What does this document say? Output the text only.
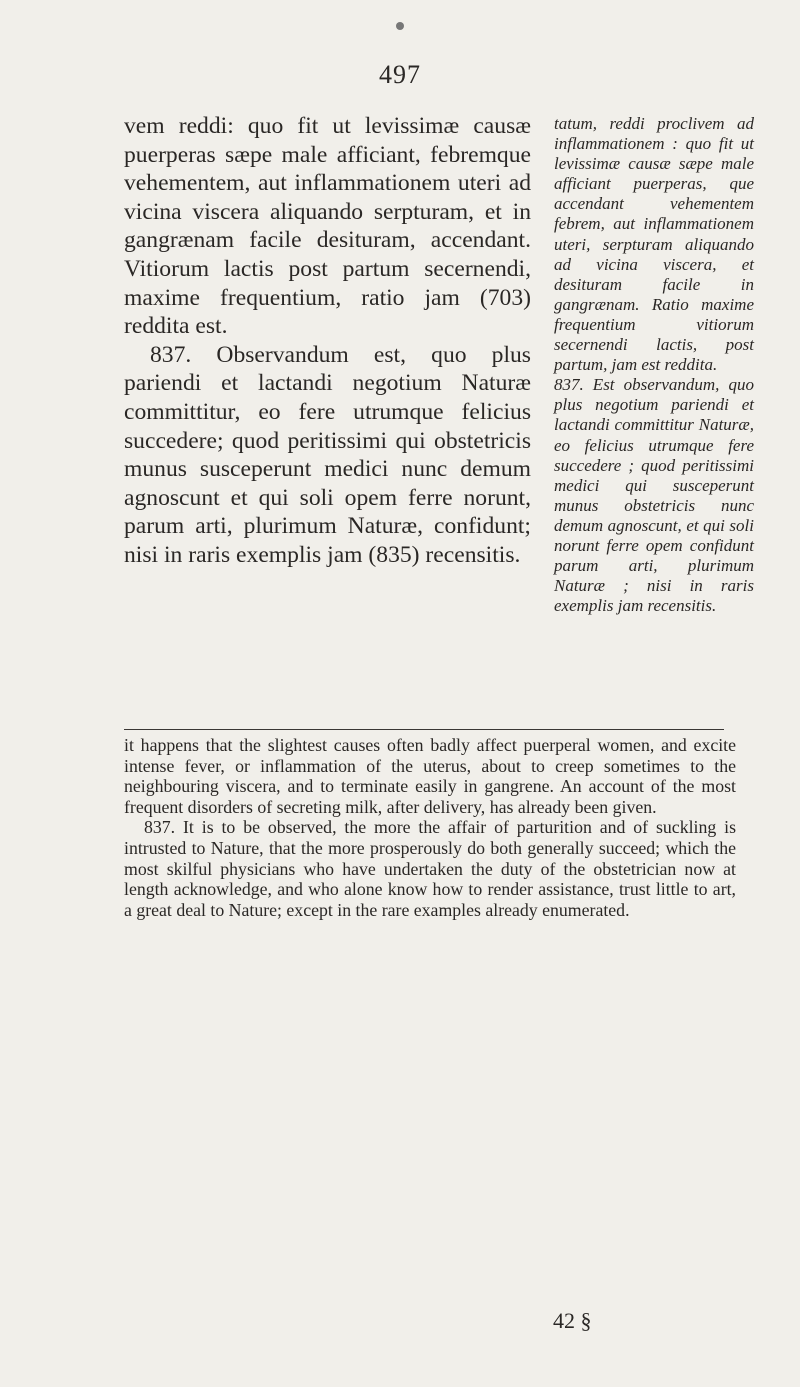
497

vem reddi: quo fit ut levissimæ causæ puerperas sæpe male afficiant, febremque vehementem, aut inflammationem uteri ad vicina viscera aliquando serpturam, et in gangrænam facile desituram, accendant. Vitiorum lactis post partum secernendi, maxime frequentium, ratio jam (703) reddita est.

837. Observandum est, quo plus pariendi et lactandi negotium Naturæ committitur, eo fere utrumque felicius succedere; quod peritissimi qui obstetricis munus susceperunt medici nunc demum agnoscunt et qui soli opem ferre norunt, parum arti, plurimum Naturæ, confidunt; nisi in raris exemplis jam (835) recensitis.

tatum, reddi proclivem ad inflammationem : quo fit ut levissimæ causæ sæpe male afficiant puerperas, que accendant vehementem febrem, aut inflammationem uteri, serpturam aliquando ad vicina viscera, et desituram facile in gangrænam. Ratio maxime frequentium vitiorum secernendi lactis, post partum, jam est reddita.

837. Est observandum, quo plus negotium pariendi et lactandi committitur Naturæ, eo felicius utrumque fere succedere ; quod peritissimi medici qui susceperunt munus obstetricis nunc demum agnoscunt, et qui soli norunt ferre opem confidunt parum arti, plurimum Naturæ ; nisi in raris exemplis jam recensitis.

it happens that the slightest causes often badly affect puerperal women, and excite intense fever, or inflammation of the uterus, about to creep sometimes to the neighbouring viscera, and to terminate easily in gangrene. An account of the most frequent disorders of secreting milk, after delivery, has already been given.

837. It is to be observed, the more the affair of parturition and of suckling is intrusted to Nature, that the more prosperously do both generally succeed; which the most skilful physicians who have undertaken the duty of the obstetrician now at length acknowledge, and who alone know how to render assistance, trust little to art, a great deal to Nature; except in the rare examples already enumerated.

42 §
